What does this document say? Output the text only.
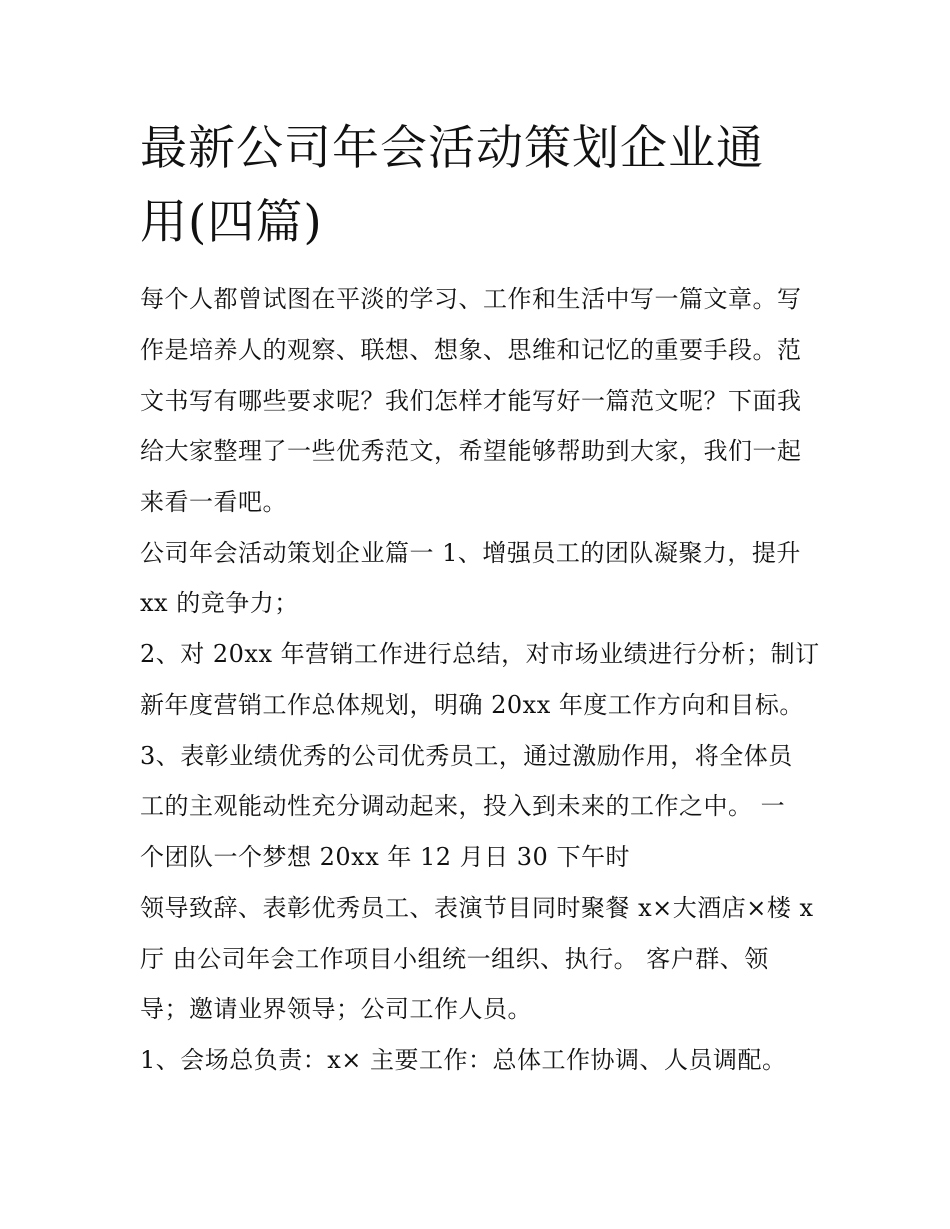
最新公司年会活动策划企业通
用(四篇)
每个人都曾试图在平淡的学习、工作和生活中写一篇文章。写
作是培养人的观察、联想、想象、思维和记忆的重要手段。范
文书写有哪些要求呢？我们怎样才能写好一篇范文呢？下面我
给大家整理了一些优秀范文，希望能够帮助到大家，我们一起
来看一看吧。
公司年会活动策划企业篇一 1、增强员工的团队凝聚力，提升
xx 的竞争力；
2、对 20xx 年营销工作进行总结，对市场业绩进行分析；制订
新年度营销工作总体规划，明确 20xx 年度工作方向和目标。
3、表彰业绩优秀的公司优秀员工，通过激励作用，将全体员
工的主观能动性充分调动起来，投入到未来的工作之中。 一
个团队一个梦想 20xx 年 12 月日 30 下午时
领导致辞、表彰优秀员工、表演节目同时聚餐 x×大酒店×楼 x
厅 由公司年会工作项目小组统一组织、执行。 客户群、领
导；邀请业界领导；公司工作人员。
1、会场总负责：x× 主要工作：总体工作协调、人员调配。
